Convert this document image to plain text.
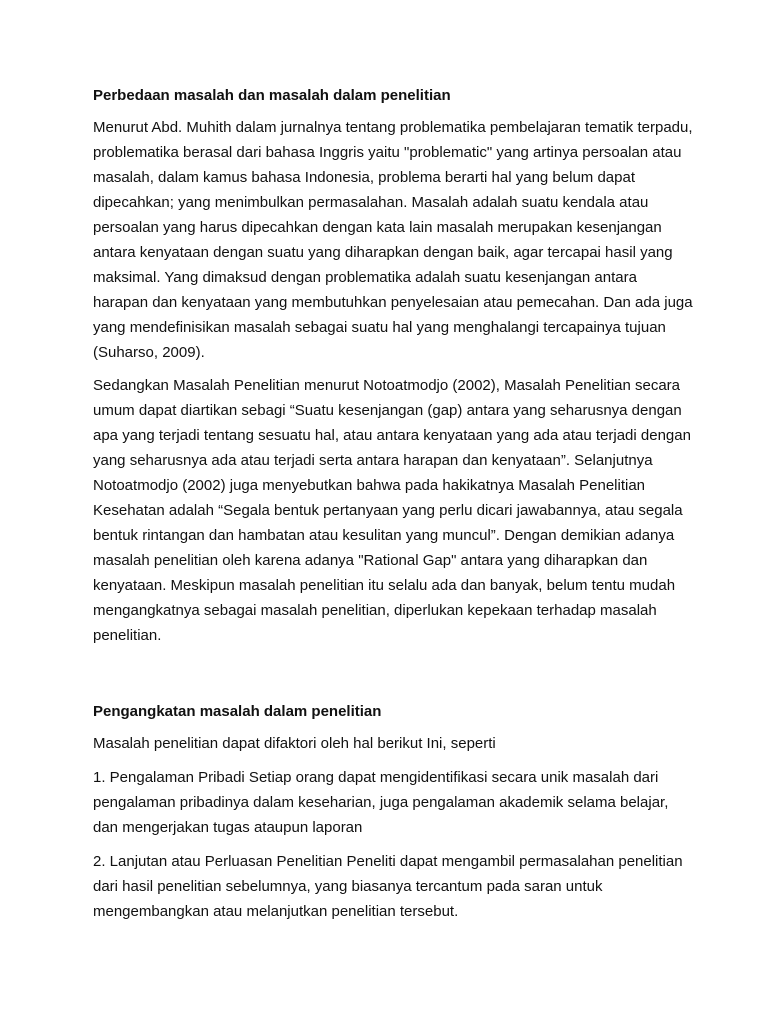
Perbedaan masalah dan masalah dalam penelitian

Menurut Abd. Muhith dalam jurnalnya tentang problematika pembelajaran tematik terpadu, problematika berasal dari bahasa Inggris yaitu "problematic" yang artinya persoalan atau masalah, dalam kamus bahasa Indonesia, problema berarti hal yang belum dapat dipecahkan; yang menimbulkan permasalahan. Masalah adalah suatu kendala atau persoalan yang harus dipecahkan dengan kata lain masalah merupakan kesenjangan antara kenyataan dengan suatu yang diharapkan dengan baik, agar tercapai hasil yang maksimal. Yang dimaksud dengan problematika adalah suatu kesenjangan antara harapan dan kenyataan yang membutuhkan penyelesaian atau pemecahan. Dan ada juga yang mendefinisikan masalah sebagai suatu hal yang menghalangi tercapainya tujuan (Suharso, 2009).

Sedangkan Masalah Penelitian menurut Notoatmodjo (2002), Masalah Penelitian secara umum dapat diartikan sebagi “Suatu kesenjangan (gap) antara yang seharusnya dengan apa yang terjadi tentang sesuatu hal, atau antara kenyataan yang ada atau terjadi dengan yang seharusnya ada atau terjadi serta antara harapan dan kenyataan”. Selanjutnya Notoatmodjo (2002) juga menyebutkan bahwa pada hakikatnya Masalah Penelitian Kesehatan adalah “Segala bentuk pertanyaan yang perlu dicari jawabannya, atau segala bentuk rintangan dan hambatan atau kesulitan yang muncul”. Dengan demikian adanya masalah penelitian oleh karena adanya "Rational Gap" antara yang diharapkan dan kenyataan. Meskipun masalah penelitian itu selalu ada dan banyak, belum tentu mudah mengangkatnya sebagai masalah penelitian, diperlukan kepekaan terhadap masalah penelitian.

Pengangkatan masalah dalam penelitian

Masalah penelitian dapat difaktori oleh hal berikut Ini, seperti

1. Pengalaman Pribadi Setiap orang dapat mengidentifikasi secara unik masalah dari pengalaman pribadinya dalam keseharian, juga pengalaman akademik selama belajar, dan mengerjakan tugas ataupun laporan

2. Lanjutan atau Perluasan Penelitian Peneliti dapat mengambil permasalahan penelitian dari hasil penelitian sebelumnya, yang biasanya tercantum pada saran untuk mengembangkan atau melanjutkan penelitian tersebut.
